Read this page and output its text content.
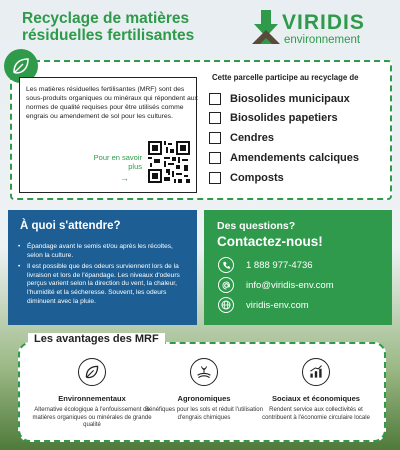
Recyclage de matières
résiduelles fertilisantes
VIRIDIS
environnement
Les matières résiduelles fertilisantes (MRF) sont des sous-produits organiques ou minéraux qui répondent aux normes de qualité requises pour être utilisés comme engrais ou amendement de sol pour les cultures.
Pour en savoir plus
→
Cette parcelle participe au recyclage de
Biosolides municipaux
Biosolides papetiers
Cendres
Amendements calciques
Composts
À quoi s'attendre?
• Épandage avant le semis et/ou après les récoltes, selon la culture.
• Il est possible que des odeurs surviennent lors de la livraison et lors de l'épandage. Les niveaux d'odeurs perçus varient selon la direction du vent, la chaleur, l'humidité et la sécheresse. Souvent, les odeurs diminuent avec la pluie.
Des questions?
Contactez-nous!
1 888 977-4736
info@viridis-env.com
viridis-env.com
Les avantages des MRF
Environnementaux
Alternative écologique à l'enfouissement de matières organiques ou minérales de grande qualité
Agronomiques
Bénéfiques pour les sols et réduit l'utilisation d'engrais chimiques
Sociaux et économiques
Rendent service aux collectivités et contribuent à l'économie circulaire locale
